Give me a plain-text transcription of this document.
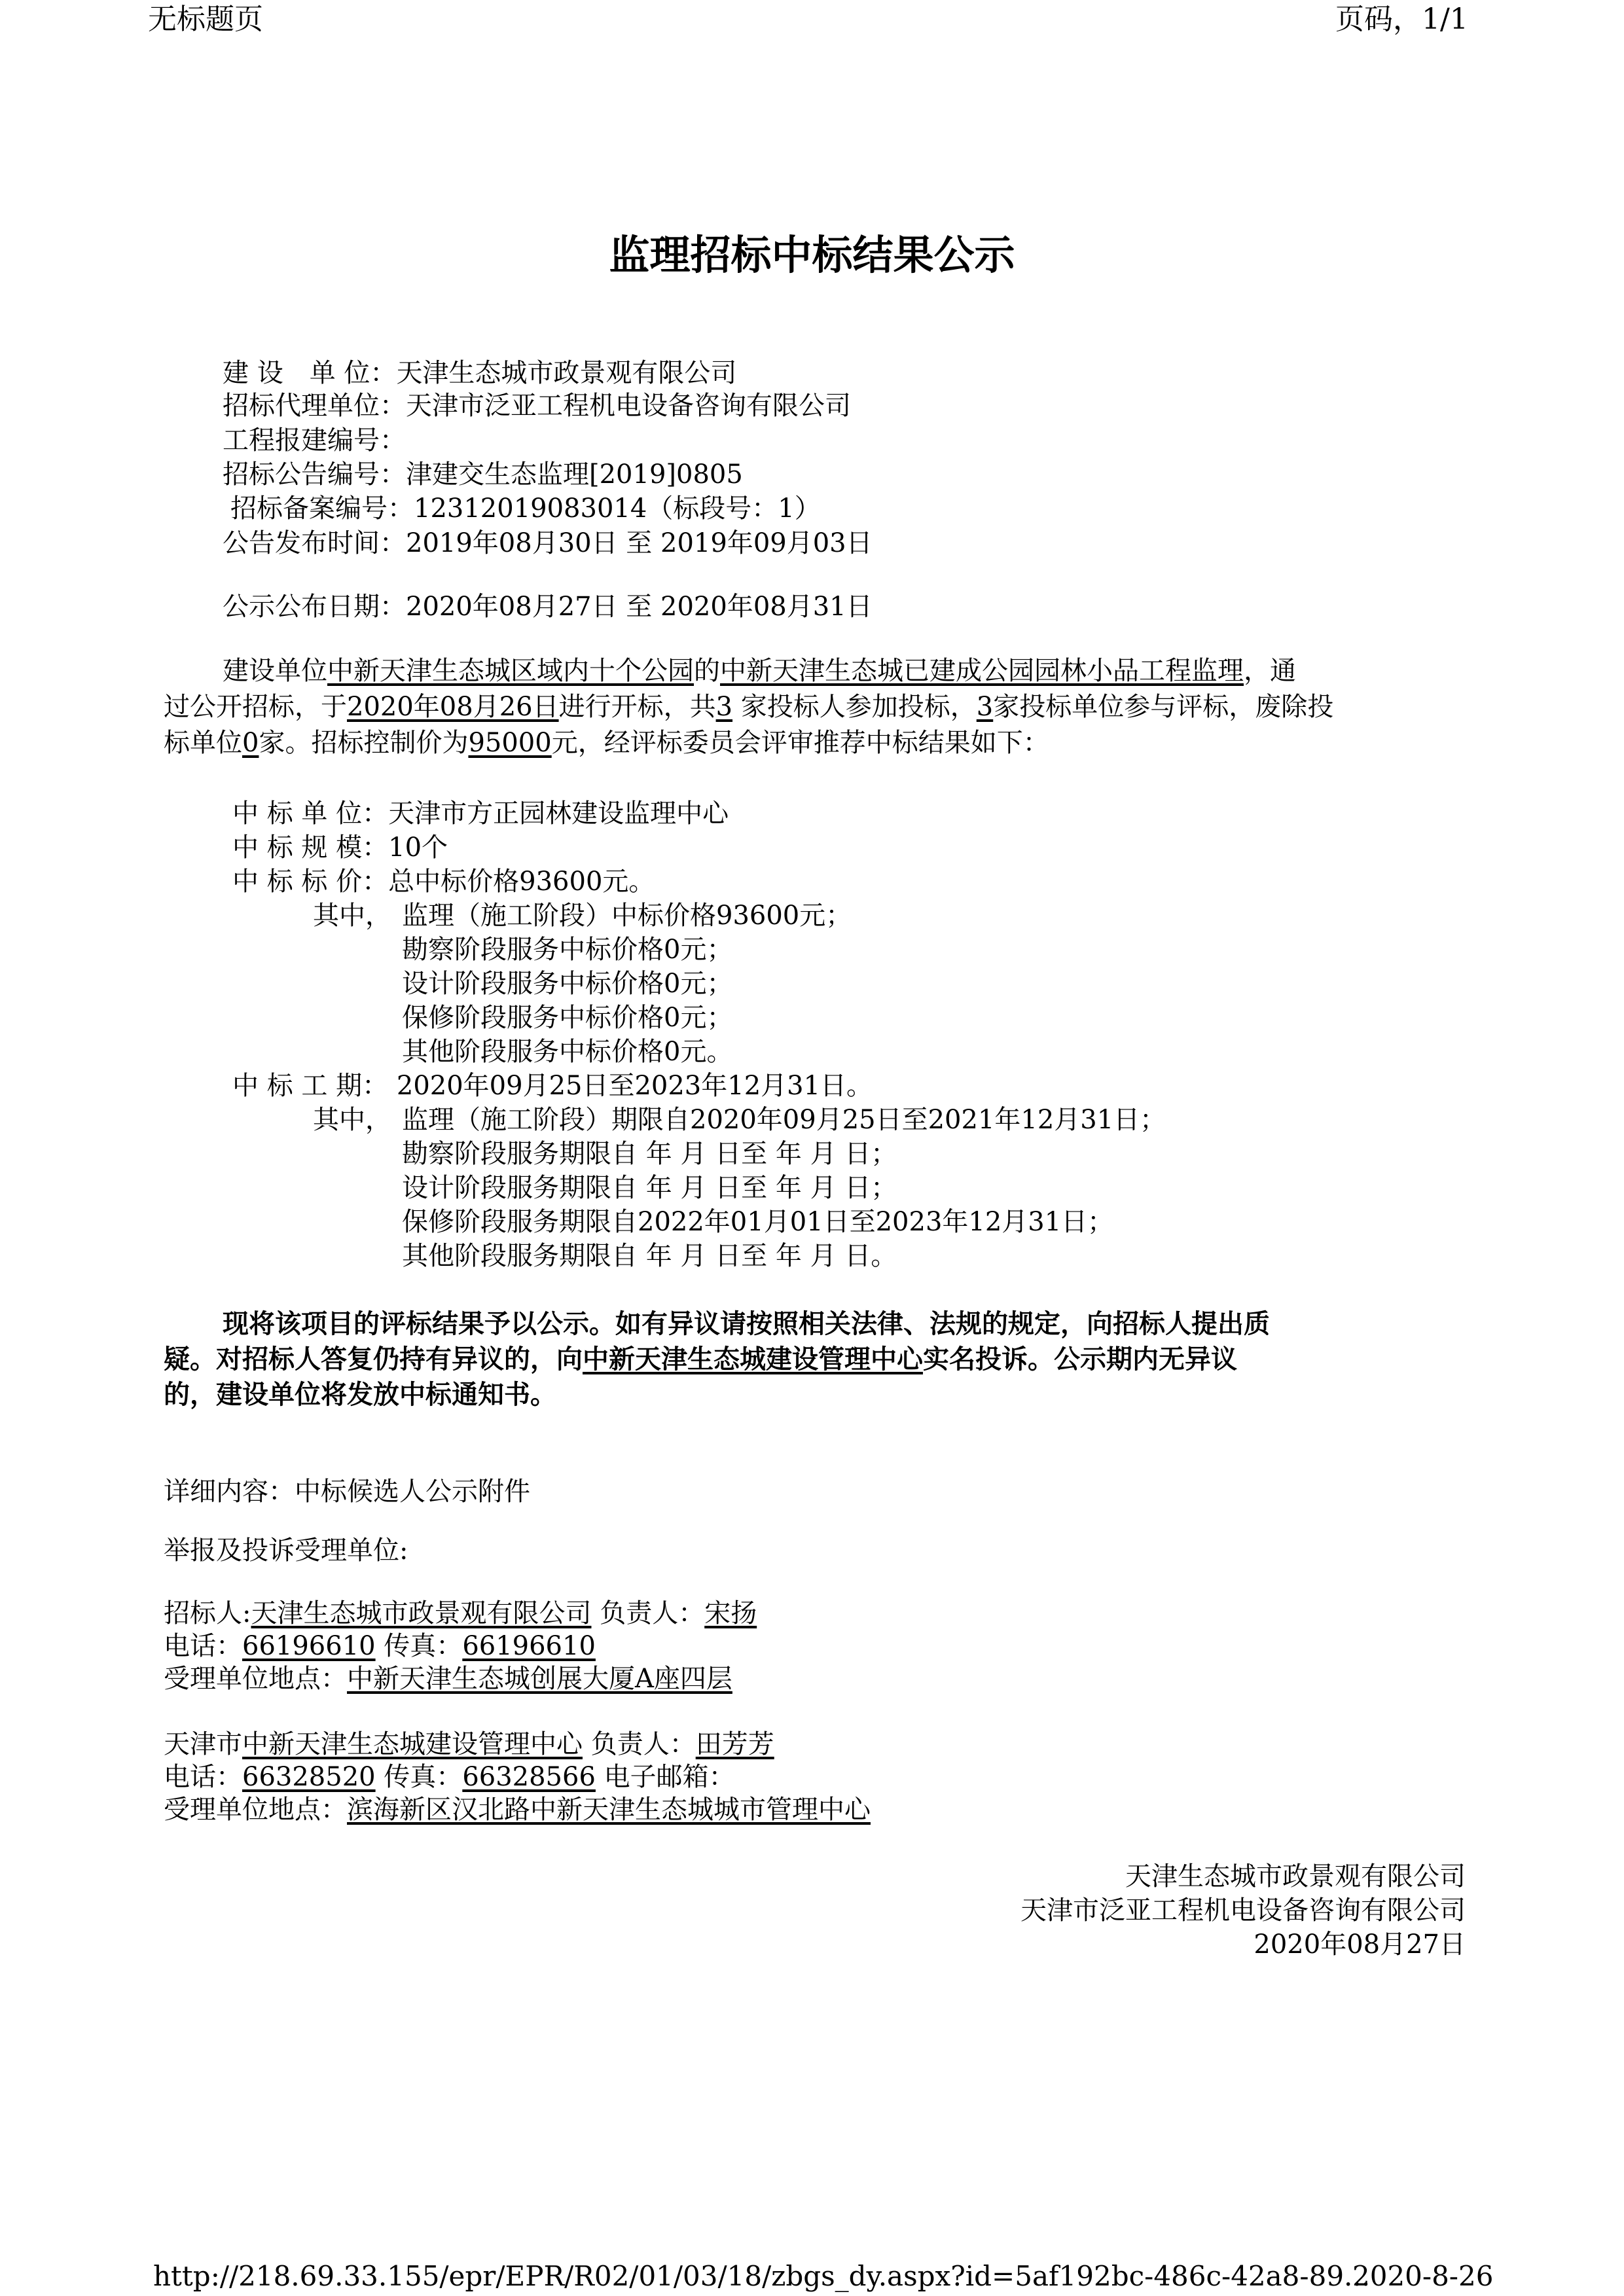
无标题页	页码，1/1
监理招标中标结果公示
建 设　单 位：天津生态城市政景观有限公司
招标代理单位：天津市泛亚工程机电设备咨询有限公司
工程报建编号：
招标公告编号：津建交生态监理[2019]0805
招标备案编号：12312019083014（标段号：1）
公告发布时间：2019年08月30日 至 2019年09月03日
公示公布日期：2020年08月27日 至 2020年08月31日
建设单位中新天津生态城区域内十个公园的中新天津生态城已建成公园园林小品工程监理，通
过公开招标，于2020年08月26日进行开标，共3 家投标人参加投标，3家投标单位参与评标，废除投
标单位0家。招标控制价为95000元，经评标委员会评审推荐中标结果如下：
中 标 单 位：天津市方正园林建设监理中心
中 标 规 模：10个
中 标 标 价：总中标价格93600元。
其中， 监理（施工阶段）中标价格93600元；
勘察阶段服务中标价格0元；
设计阶段服务中标价格0元；
保修阶段服务中标价格0元；
其他阶段服务中标价格0元。
中 标 工 期： 2020年09月25日至2023年12月31日。
其中， 监理（施工阶段）期限自2020年09月25日至2021年12月31日；
勘察阶段服务期限自 年 月 日至 年 月 日；
设计阶段服务期限自 年 月 日至 年 月 日；
保修阶段服务期限自2022年01月01日至2023年12月31日；
其他阶段服务期限自 年 月 日至 年 月 日。
现将该项目的评标结果予以公示。如有异议请按照相关法律、法规的规定，向招标人提出质
疑。对招标人答复仍持有异议的，向中新天津生态城建设管理中心实名投诉。公示期内无异议
的，建设单位将发放中标通知书。
详细内容：中标候选人公示附件
举报及投诉受理单位:
招标人:天津生态城市政景观有限公司 负责人：宋扬
电话：66196610 传真：66196610
受理单位地点：中新天津生态城创展大厦A座四层
天津市中新天津生态城建设管理中心 负责人：田芳芳
电话：66328520 传真：66328566 电子邮箱：
受理单位地点：滨海新区汉北路中新天津生态城城市管理中心
天津生态城市政景观有限公司
天津市泛亚工程机电设备咨询有限公司
2020年08月27日
http://218.69.33.155/epr/EPR/R02/01/03/18/zbgs_dy.aspx?id=5af192bc-486c-42a8-89...
2020-8-26
